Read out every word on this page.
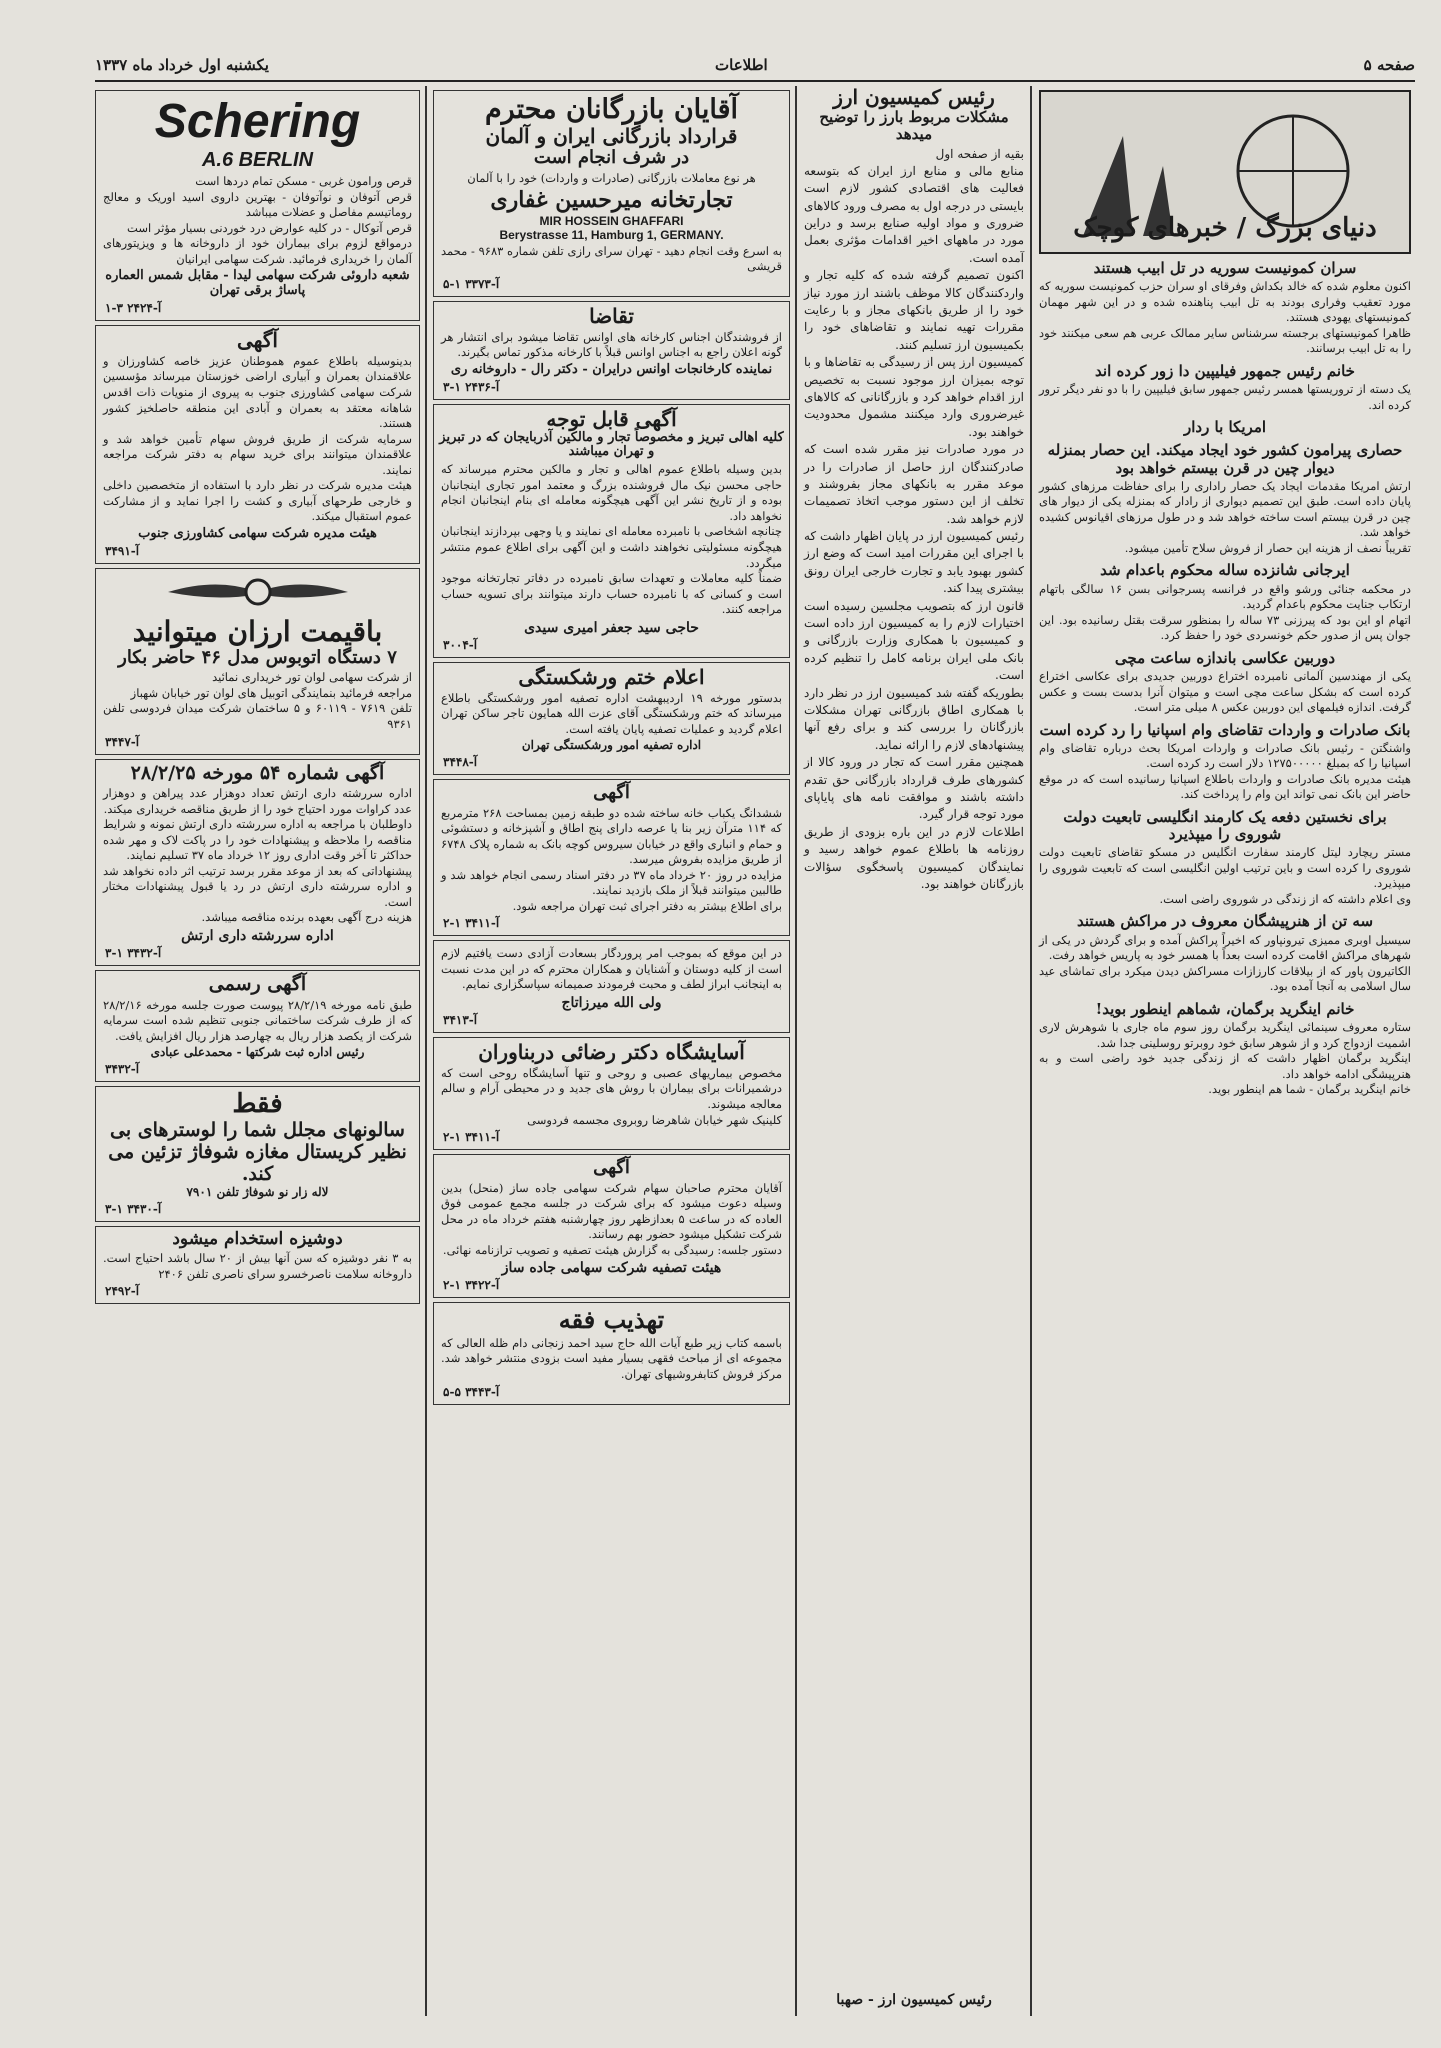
یکشنبه اول خرداد ماه ۱۳۳۷	اطلاعات	صفحه ۵
دنیای بزرگ / خبرهای کوچک
سران کمونیست سوریه در تل ابیب هستند
اکنون معلوم شده که خالد بکداش وفرقای او سران حزب کمونیست سوریه که مورد تعقیب وفراری بودند به تل ابیب پناهنده شده و در این شهر مهمان کمونیستهای یهودی هستند.
ظاهرا کمونیستهای برجسته سرشناس سایر ممالک عربی هم سعی میکنند خود را به تل ابیب برسانند.
خانم رئیس جمهور فیلیپین دا زور کرده اند
یک دسته از تروریستها همسر رئیس جمهور سابق فیلیپین را با دو نفر دیگر ترور کرده اند.
امریکا با ردار
حصاری پیرامون کشور خود ایجاد میکند. این حصار بمنزله دیوار چین در قرن بیستم خواهد بود
ارتش امریکا مقدمات ایجاد یک حصار راداری را برای حفاظت مرزهای کشور پایان داده است. طبق این تصمیم دیواری از رادار که بمنزله یکی از دیوار های چین در قرن بیستم است ساخته خواهد شد و در طول مرزهای اقیانوس کشیده خواهد شد.
تقریباً نصف از هزینه این حصار از فروش سلاح تأمین میشود.
ایرجانی شانزده ساله محکوم باعدام شد
در محکمه جنائی ورشو واقع در فرانسه پسرجوانی بسن ۱۶ سالگی باتهام ارتکاب جنایت محکوم باعدام گردید.
اتهام او این بود که پیرزنی ۷۳ ساله را بمنظور سرقت بقتل رسانیده بود. این جوان پس از صدور حکم خونسردی خود را حفظ کرد.
دوربین عکاسی باندازه ساعت مچی
یکی از مهندسین آلمانی نامبرده اختراع دوربین جدیدی برای عکاسی اختراع کرده است که بشکل ساعت مچی است و میتوان آنرا بدست بست و عکس گرفت. اندازه فیلمهای این دوربین عکس ۸ میلی متر است.
بانک صادرات و واردات تقاضای وام اسپانیا را رد کرده است
واشنگتن - رئیس بانک صادرات و واردات امریکا بحث درباره تقاضای وام اسپانیا را که بمبلغ ۱۲۷۵۰۰۰۰۰ دلار است رد کرده است.
هیئت مدیره بانک صادرات و واردات باطلاع اسپانیا رسانیده است که در موقع حاضر این بانک نمی تواند این وام را پرداخت کند.
برای نخستین دفعه یک کارمند انگلیسی تابعیت دولت شوروی را میپذیرد
مستر ریچارد لیتل کارمند سفارت انگلیس در مسکو تقاضای تابعیت دولت شوروی را کرده است و باین ترتیب اولین انگلیسی است که تابعیت شوروی را میپذیرد.
وی اعلام داشته که از زندگی در شوروی راضی است.
سه تن از هنرپیشگان معروف در مراکش هستند
سیسیل اوبری ممیزی تیرونپاور که اخیراً پراکش آمده و برای گردش در یکی از شهرهای مراکش اقامت کرده است بعداً با همسر خود به پاریس خواهد رفت.
الکاتیرون پاور که از بیلاقات کارزازات مسراکش دیدن میکرد برای تماشای عید سال اسلامی به آنجا آمده بود.
خانم اینگرید برگمان، شماهم اینطور بوید!
ستاره معروف سینمائی اینگرید برگمان روز سوم ماه جاری با شوهرش لاری اشمیت ازدواج کرد و از شوهر سابق خود روبرتو روسلینی جدا شد.
اینگرید برگمان اظهار داشت که از زندگی جدید خود راضی است و به هنرپیشگی ادامه خواهد داد.
خانم اینگرید برگمان - شما هم اینطور بوید.
رئیس کمیسیون ارز
مشکلات مربوط بارز را توضیح میدهد
بقیه از صفحه اول
منابع مالی و منابع ارز ایران که بتوسعه فعالیت های اقتصادی کشور لازم است بایستی در درجه اول به مصرف ورود کالاهای ضروری و مواد اولیه صنایع برسد و دراین مورد در ماههای اخیر اقدامات مؤثری بعمل آمده است.
اکنون تصمیم گرفته شده که کلیه تجار و واردکنندگان کالا موظف باشند ارز مورد نیاز خود را از طریق بانکهای مجاز و با رعایت مقررات تهیه نمایند و تقاضاهای خود را بکمیسیون ارز تسلیم کنند.
کمیسیون ارز پس از رسیدگی به تقاضاها و با توجه بمیزان ارز موجود نسبت به تخصیص ارز اقدام خواهد کرد و بازرگانانی که کالاهای غیرضروری وارد میکنند مشمول محدودیت خواهند بود.
در مورد صادرات نیز مقرر شده است که صادرکنندگان ارز حاصل از صادرات را در موعد مقرر به بانکهای مجاز بفروشند و تخلف از این دستور موجب اتخاذ تصمیمات لازم خواهد شد.
رئیس کمیسیون ارز در پایان اظهار داشت که با اجرای این مقررات امید است که وضع ارز کشور بهبود یابد و تجارت خارجی ایران رونق بیشتری پیدا کند.
قانون ارز که بتصویب مجلسین رسیده است اختیارات لازم را به کمیسیون ارز داده است و کمیسیون با همکاری وزارت بازرگانی و بانک ملی ایران برنامه کامل را تنظیم کرده است.
بطوریکه گفته شد کمیسیون ارز در نظر دارد با همکاری اطاق بازرگانی تهران مشکلات بازرگانان را بررسی کند و برای رفع آنها پیشنهادهای لازم را ارائه نماید.
همچنین مقرر است که تجار در ورود کالا از کشورهای طرف قرارداد بازرگانی حق تقدم داشته باشند و موافقت نامه های پایاپای مورد توجه قرار گیرد.
اطلاعات لازم در این باره بزودی از طریق روزنامه ها باطلاع عموم خواهد رسید و نمایندگان کمیسیون پاسخگوی سؤالات بازرگانان خواهند بود.
رئیس کمیسیون ارز - صهبا
آقایان بازرگانان محترم
قرارداد بازرگانی ایران و آلمان
در شرف انجام است
هر نوع معاملات بازرگانی (صادرات و واردات) خود را با آلمان
تجارتخانه میرحسین غفاری
MIR HOSSEIN GHAFFARI
Berystrasse 11, Hamburg 1, GERMANY.
به اسرع وقت انجام دهید - تهران سرای رازی تلفن شماره ۹۶۸۳ - محمد قریشی
آ-۳۳۷۳ ۱-۵
تقاضا
از فروشندگان اجناس کارخانه های اوانس تقاضا میشود برای انتشار هر گونه اعلان راجع به اجناس اوانس قبلاً با کارخانه مذکور تماس بگیرند.
نماینده کارخانجات اوانس درایران - دکتر رال - داروخانه ری
آ-۲۴۳۶ ۱-۳
آگهی قابل توجه
کلیه اهالی تبریز و مخصوصاً تجار و مالکین آذربایجان که در تبریز و تهران میباشند
بدین وسیله باطلاع عموم اهالی و تجار و مالکین محترم میرساند که حاجی محسن نیک مال فروشنده بزرگ و معتمد امور تجاری اینجانبان بوده و از تاریخ نشر این آگهی هیچگونه معامله ای بنام اینجانبان انجام نخواهد داد.
چنانچه اشخاصی با نامبرده معامله ای نمایند و یا وجهی بپردازند اینجانبان هیچگونه مسئولیتی نخواهند داشت و این آگهی برای اطلاع عموم منتشر میگردد.
ضمناً کلیه معاملات و تعهدات سابق نامبرده در دفاتر تجارتخانه موجود است و کسانی که با نامبرده حساب دارند میتوانند برای تسویه حساب مراجعه کنند.
حاجی سید جعفر امیری سیدی
آ-۳۰۰۴
اعلام ختم ورشکستگی
بدستور مورخه ۱۹ اردیبهشت اداره تصفیه امور ورشکستگی باطلاع میرساند که ختم ورشکستگی آقای عزت الله همایون تاجر ساکن تهران اعلام گردید و عملیات تصفیه پایان یافته است.
اداره تصفیه امور ورشکستگی تهران
آ-۳۴۴۸
آگهی
ششدانگ یکباب خانه ساخته شده دو طبقه زمین بمساحت ۲۶۸ مترمربع که ۱۱۴ مترآن زیر بنا یا عرصه دارای پنج اطاق و آشپزخانه و دستشوئی و حمام و انباری واقع در خیابان سیروس کوچه بانک به شماره پلاک ۶۷۴۸ از طریق مزایده بفروش میرسد.
مزایده در روز ۲۰ خرداد ماه ۳۷ در دفتر اسناد رسمی انجام خواهد شد و طالبین میتوانند قبلاً از ملک بازدید نمایند.
برای اطلاع بیشتر به دفتر اجرای ثبت تهران مراجعه شود.
آ-۳۴۱۱ ۱-۲
در این موقع که بموجب امر پروردگار بسعادت آزادی دست یافتیم لازم است از کلیه دوستان و آشنایان و همکاران محترم که در این مدت نسبت به اینجانب ابراز لطف و محبت فرمودند صمیمانه سپاسگزاری نمایم.
ولی الله میرزاتاج
آ-۳۴۱۳
آسایشگاه دکتر رضائی دربناوران
مخصوص بیماریهای عصبی و روحی و تنها آسایشگاه روحی است که درشمیرانات برای بیماران با روش های جدید و در محیطی آرام و سالم معالجه میشوند.
کلینیک شهر خیابان شاهرضا روبروی مجسمه فردوسی
آ-۳۴۱۱ ۱-۲
آگهی
آقایان محترم صاحبان سهام شرکت سهامی جاده ساز (منحل) بدین وسیله دعوت میشود که برای شرکت در جلسه مجمع عمومی فوق العاده که در ساعت ۵ بعدازظهر روز چهارشنبه هفتم خرداد ماه در محل شرکت تشکیل میشود حضور بهم رسانند.
دستور جلسه: رسیدگی به گزارش هیئت تصفیه و تصویب ترازنامه نهائی.
هیئت تصفیه شرکت سهامی جاده ساز
آ-۳۴۲۲ ۱-۲
تهذیب فقه
باسمه کتاب زیر طبع آیات الله حاج سید احمد زنجانی دام ظله العالی که مجموعه ای از مباحث فقهی بسیار مفید است بزودی منتشر خواهد شد. مرکز فروش کتابفروشیهای تهران.
آ-۳۴۴۳ ۵-۵
Schering
A.6 BERLIN
قرص ورامون غربی - مسکن تمام دردها است
قرص آتوفان و نوآتوفان - بهترین داروی اسید اوریک و معالج روماتیسم مفاصل و عضلات میباشد
قرص آتوکال - در کلیه عوارض درد خوردنی بسیار مؤثر است
درمواقع لزوم برای بیماران خود از داروخانه ها و ویزیتورهای آلمان را خریداری فرمائید. شرکت سهامی ایرانیان
شعبه داروئی شرکت سهامی لیدا - مقابل شمس العماره پاساژ برقی تهران
آ-۲۴۲۴ ۳-۱
آگهی
بدینوسیله باطلاع عموم هموطنان عزیز خاصه کشاورزان و علاقمندان بعمران و آبیاری اراضی خوزستان میرساند مؤسسین شرکت سهامی کشاورزی جنوب به پیروی از منویات ذات اقدس شاهانه معتقد به بعمران و آبادی این منطقه حاصلخیز کشور هستند.
سرمایه شرکت از طریق فروش سهام تأمین خواهد شد و علاقمندان میتوانند برای خرید سهام به دفتر شرکت مراجعه نمایند.
هیئت مدیره شرکت در نظر دارد با استفاده از متخصصین داخلی و خارجی طرحهای آبیاری و کشت را اجرا نماید و از مشارکت عموم استقبال میکند.
هیئت مدیره شرکت سهامی کشاورزی جنوب
آ-۳۴۹۱
باقیمت ارزان میتوانید
۷ دستگاه اتوبوس مدل ۴۶ حاضر بکار
از شرکت سهامی لوان تور خریداری نمائید
مراجعه فرمائید بنمایندگی اتوبیل های لوان تور خیابان شهباز
تلفن ۷۶۱۹ - ۶۰۱۱۹ و ۵ ساختمان شرکت میدان فردوسی تلفن ۹۳۶۱
آ-۳۴۴۷
آگهی شماره ۵۴ مورخه ۲۸/۲/۲۵
اداره سررشته داری ارتش تعداد دوهزار عدد پیراهن و دوهزار عدد کراوات مورد احتیاج خود را از طریق مناقصه خریداری میکند.
داوطلبان با مراجعه به اداره سررشته داری ارتش نمونه و شرایط مناقصه را ملاحظه و پیشنهادات خود را در پاکت لاک و مهر شده حداکثر تا آخر وقت اداری روز ۱۲ خرداد ماه ۳۷ تسلیم نمایند.
پیشنهاداتی که بعد از موعد مقرر برسد ترتیب اثر داده نخواهد شد و اداره سررشته داری ارتش در رد یا قبول پیشنهادات مختار است.
هزینه درج آگهی بعهده برنده مناقصه میباشد.
اداره سررشته داری ارتش
آ-۳۴۳۲ ۱-۳
آگهی رسمی
طبق نامه مورخه ۲۸/۲/۱۹ پیوست صورت جلسه مورخه ۲۸/۲/۱۶ که از طرف شرکت ساختمانی جنوبی تنظیم شده است سرمایه شرکت از یکصد هزار ریال به چهارصد هزار ریال افزایش یافت.
رئیس اداره ثبت شرکتها - محمدعلی عبادی
آ-۳۴۳۲
فقط
سالونهای مجلل شما را لوسترهای بی نظیر کریستال مغازه شوفاژ تزئین می کند.
لاله زار نو شوفاژ تلفن ۷۹۰۱
آ-۳۴۳۰ ۱-۳
دوشیزه استخدام میشود
به ۳ نفر دوشیزه که سن آنها بیش از ۲۰ سال باشد احتیاج است. داروخانه سلامت ناصرخسرو سرای ناصری تلفن ۲۴۰۶
آ-۲۴۹۲
